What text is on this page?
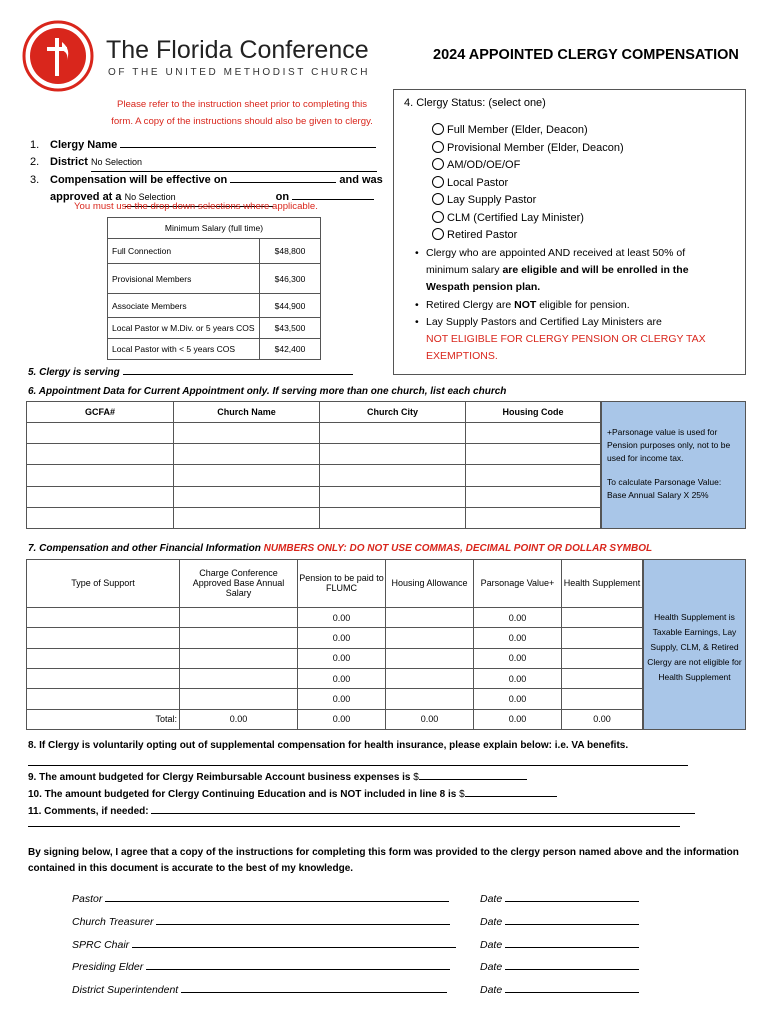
The Florida Conference
OF THE UNITED METHODIST CHURCH
2024 APPOINTED CLERGY COMPENSATION
Please refer to the instruction sheet prior to completing this
form. A copy of the instructions should also be given to clergy.
1. Clergy Name
2. District No Selection
3. Compensation will be effective on	and was
approved at a No Selection	on
You must use the drop down selections where applicable.
Minimum Salary (full time)	
Full Connection	$48,800
Provisional Members	$46,300
Associate Members	$44,900
Local Pastor w M.Div. or 5 years COS	$43,500
Local Pastor with < 5 years COS	$42,400
4. Clergy Status: (select one)
Full Member (Elder, Deacon)
Provisional Member (Elder, Deacon)
AM/OD/OE/OF
Local Pastor
Lay Supply Pastor
CLM (Certified Lay Minister)
Retired Pastor
• Clergy who are appointed AND received at least 50% of
minimum salary are eligible and will be enrolled in the
Wespath pension plan.
• Retired Clergy are NOT eligible for pension.
• Lay Supply Pastors and Certified Lay Ministers are
NOT ELIGIBLE FOR CLERGY PENSION OR CLERGY TAX
EXEMPTIONS.
5. Clergy is serving
6. Appointment Data for Current Appointment only. If serving more than one church, list each church
GCFA#	Church Name	Church City	Housing Code

+Parsonage value is used for Pension purposes only, not to be used for income tax.
To calculate Parsonage Value: Base Annual Salary X 25%
7. Compensation and other Financial Information NUMBERS ONLY: DO NOT USE COMMAS, DECIMAL POINT OR DOLLAR SYMBOL
Type of Support	Charge Conference Approved Base Annual Salary	Pension to be paid to FLUMC	Housing Allowance	Parsonage Value+	Health Supplement
		0.00		0.00	
		0.00		0.00	
		0.00		0.00	
		0.00		0.00	
		0.00		0.00	
Total:	0.00	0.00	0.00	0.00	0.00
Health Supplement is Taxable Earnings, Lay Supply, CLM, & Retired Clergy are not eligible for Health Supplement
8. If Clergy is voluntarily opting out of supplemental compensation for health insurance, please explain below: i.e. VA benefits.
9. The amount budgeted for Clergy Reimbursable Account business expenses is $
10. The amount budgeted for Clergy Continuing Education and is NOT included in line 8 is $
11. Comments, if needed:
By signing below, I agree that a copy of the instructions for completing this form was provided to the clergy person named above and the information
contained in this document is accurate to the best of my knowledge.
Pastor
Church Treasurer
SPRC Chair
Presiding Elder
District Superintendent
Date
Date
Date
Date
Date
